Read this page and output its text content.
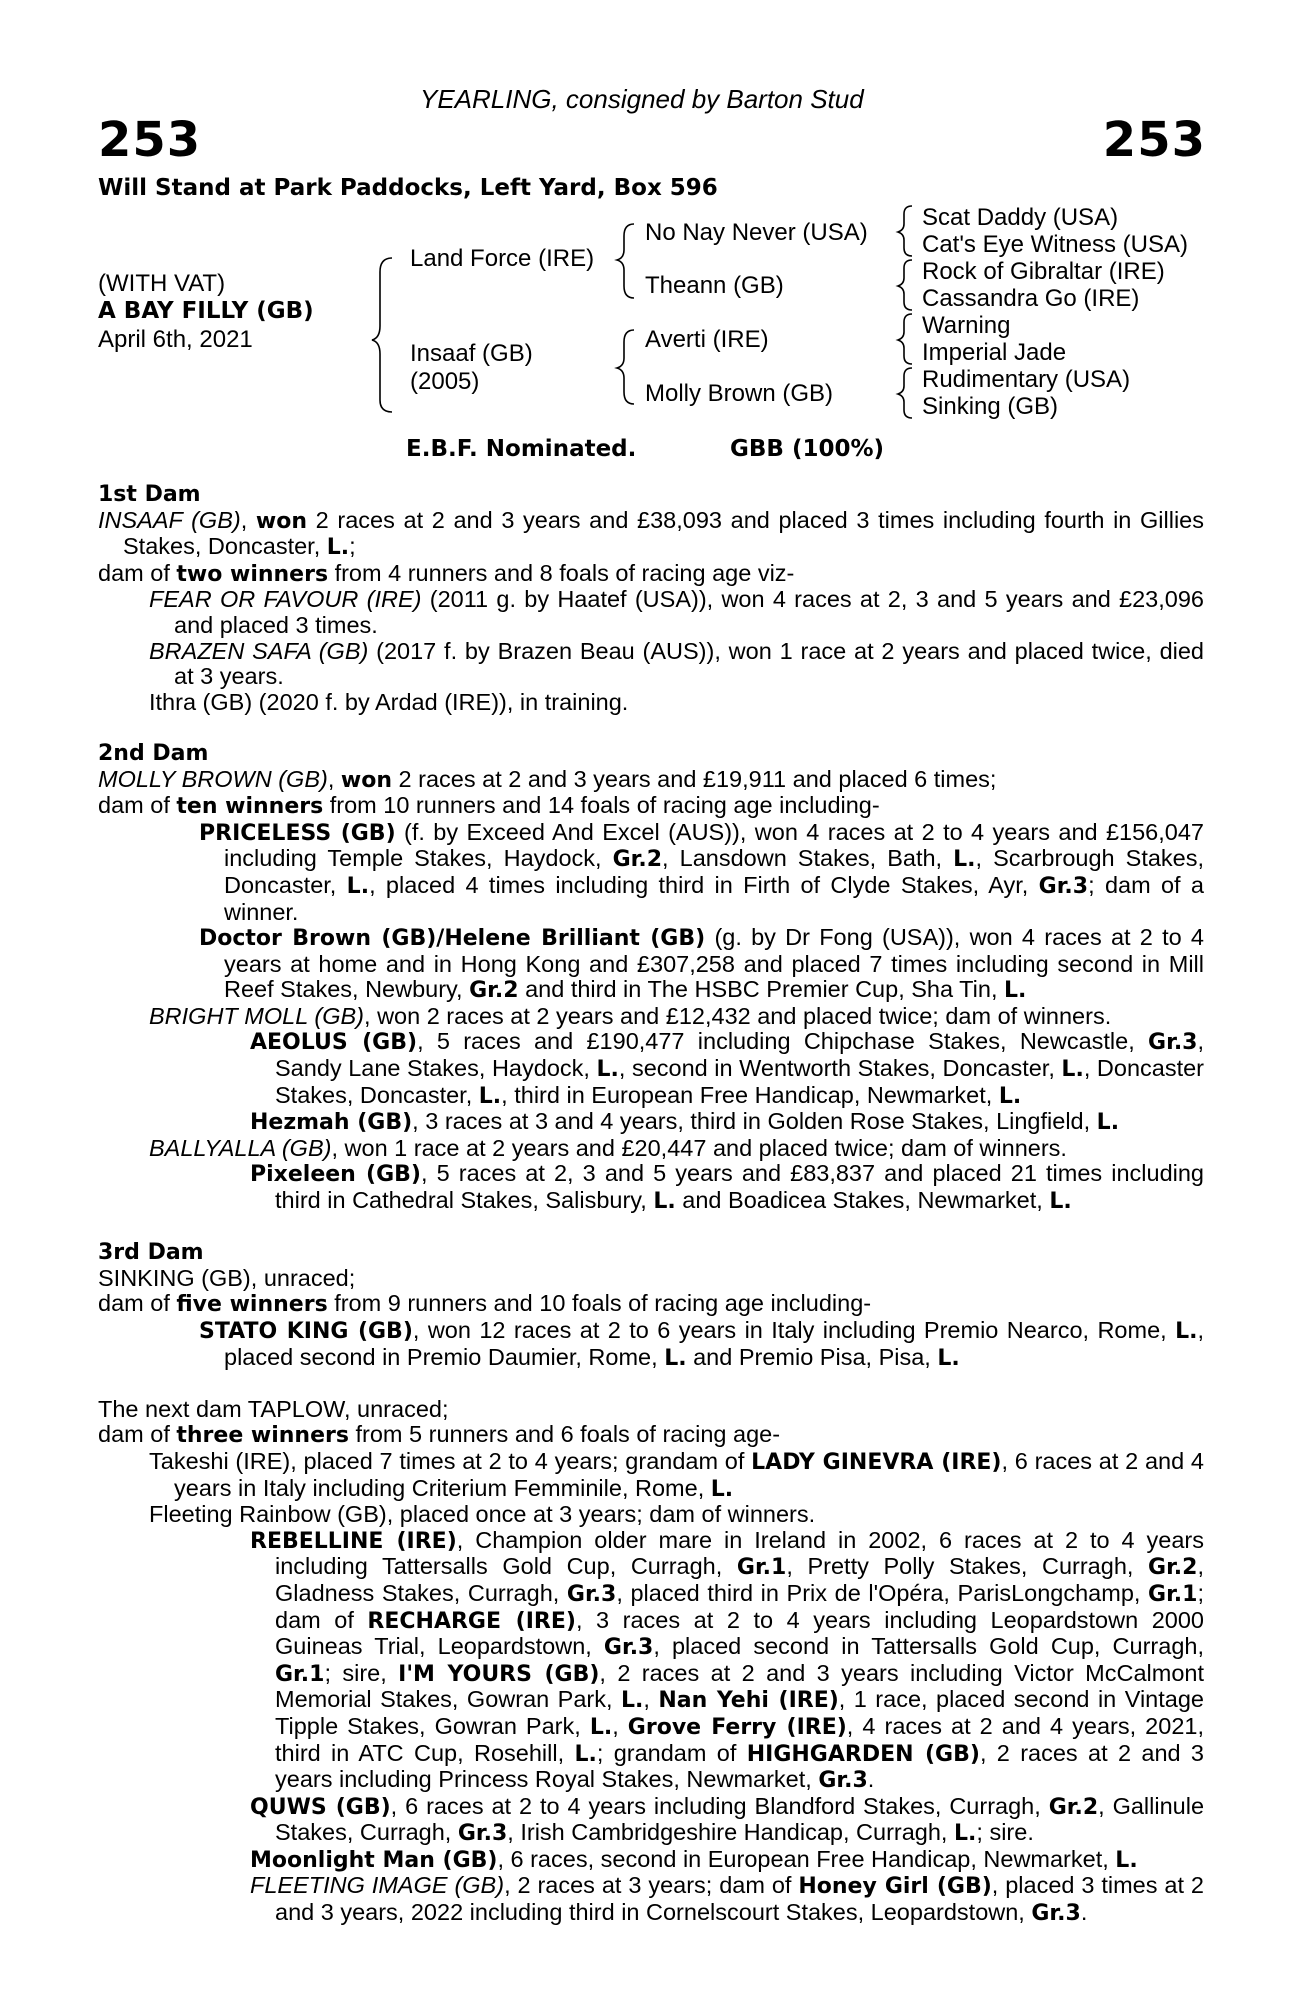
YEARLING, consigned by Barton Stud
253	253
Will Stand at Park Paddocks, Left Yard, Box 596
(WITH VAT)
A BAY FILLY (GB)
April 6th, 2021
Land Force (IRE)
Insaaf (GB)
(2005)
No Nay Never (USA)
Theann (GB)
Averti (IRE)
Molly Brown (GB)
Scat Daddy (USA)
Cat's Eye Witness (USA)
Rock of Gibraltar (IRE)
Cassandra Go (IRE)
Warning
Imperial Jade
Rudimentary (USA)
Sinking (GB)
E.B.F. Nominated.	GBB (100%)
1st Dam
INSAAF (GB), won 2 races at 2 and 3 years and £38,093 and placed 3 times including fourth in Gillies Stakes, Doncaster, L.;
dam of two winners from 4 runners and 8 foals of racing age viz-
FEAR OR FAVOUR (IRE) (2011 g. by Haatef (USA)), won 4 races at 2, 3 and 5 years and £23,096 and placed 3 times.
BRAZEN SAFA (GB) (2017 f. by Brazen Beau (AUS)), won 1 race at 2 years and placed twice, died at 3 years.
Ithra (GB) (2020 f. by Ardad (IRE)), in training.
2nd Dam
MOLLY BROWN (GB), won 2 races at 2 and 3 years and £19,911 and placed 6 times;
dam of ten winners from 10 runners and 14 foals of racing age including-
PRICELESS (GB) (f. by Exceed And Excel (AUS)), won 4 races at 2 to 4 years and £156,047 including Temple Stakes, Haydock, Gr.2, Lansdown Stakes, Bath, L., Scarbrough Stakes, Doncaster, L., placed 4 times including third in Firth of Clyde Stakes, Ayr, Gr.3; dam of a winner.
Doctor Brown (GB)/Helene Brilliant (GB) (g. by Dr Fong (USA)), won 4 races at 2 to 4 years at home and in Hong Kong and £307,258 and placed 7 times including second in Mill Reef Stakes, Newbury, Gr.2 and third in The HSBC Premier Cup, Sha Tin, L.
BRIGHT MOLL (GB), won 2 races at 2 years and £12,432 and placed twice; dam of winners.
AEOLUS (GB), 5 races and £190,477 including Chipchase Stakes, Newcastle, Gr.3, Sandy Lane Stakes, Haydock, L., second in Wentworth Stakes, Doncaster, L., Doncaster Stakes, Doncaster, L., third in European Free Handicap, Newmarket, L.
Hezmah (GB), 3 races at 3 and 4 years, third in Golden Rose Stakes, Lingfield, L.
BALLYALLA (GB), won 1 race at 2 years and £20,447 and placed twice; dam of winners.
Pixeleen (GB), 5 races at 2, 3 and 5 years and £83,837 and placed 21 times including third in Cathedral Stakes, Salisbury, L. and Boadicea Stakes, Newmarket, L.
3rd Dam
SINKING (GB), unraced;
dam of five winners from 9 runners and 10 foals of racing age including-
STATO KING (GB), won 12 races at 2 to 6 years in Italy including Premio Nearco, Rome, L., placed second in Premio Daumier, Rome, L. and Premio Pisa, Pisa, L.
The next dam TAPLOW, unraced;
dam of three winners from 5 runners and 6 foals of racing age-
Takeshi (IRE), placed 7 times at 2 to 4 years; grandam of LADY GINEVRA (IRE), 6 races at 2 and 4 years in Italy including Criterium Femminile, Rome, L.
Fleeting Rainbow (GB), placed once at 3 years; dam of winners.
REBELLINE (IRE), Champion older mare in Ireland in 2002, 6 races at 2 to 4 years including Tattersalls Gold Cup, Curragh, Gr.1, Pretty Polly Stakes, Curragh, Gr.2, Gladness Stakes, Curragh, Gr.3, placed third in Prix de l'Opéra, ParisLongchamp, Gr.1; dam of RECHARGE (IRE), 3 races at 2 to 4 years including Leopardstown 2000 Guineas Trial, Leopardstown, Gr.3, placed second in Tattersalls Gold Cup, Curragh, Gr.1; sire, I'M YOURS (GB), 2 races at 2 and 3 years including Victor McCalmont Memorial Stakes, Gowran Park, L., Nan Yehi (IRE), 1 race, placed second in Vintage Tipple Stakes, Gowran Park, L., Grove Ferry (IRE), 4 races at 2 and 4 years, 2021, third in ATC Cup, Rosehill, L.; grandam of HIGHGARDEN (GB), 2 races at 2 and 3 years including Princess Royal Stakes, Newmarket, Gr.3.
QUWS (GB), 6 races at 2 to 4 years including Blandford Stakes, Curragh, Gr.2, Gallinule Stakes, Curragh, Gr.3, Irish Cambridgeshire Handicap, Curragh, L.; sire.
Moonlight Man (GB), 6 races, second in European Free Handicap, Newmarket, L.
FLEETING IMAGE (GB), 2 races at 3 years; dam of Honey Girl (GB), placed 3 times at 2 and 3 years, 2022 including third in Cornelscourt Stakes, Leopardstown, Gr.3.
